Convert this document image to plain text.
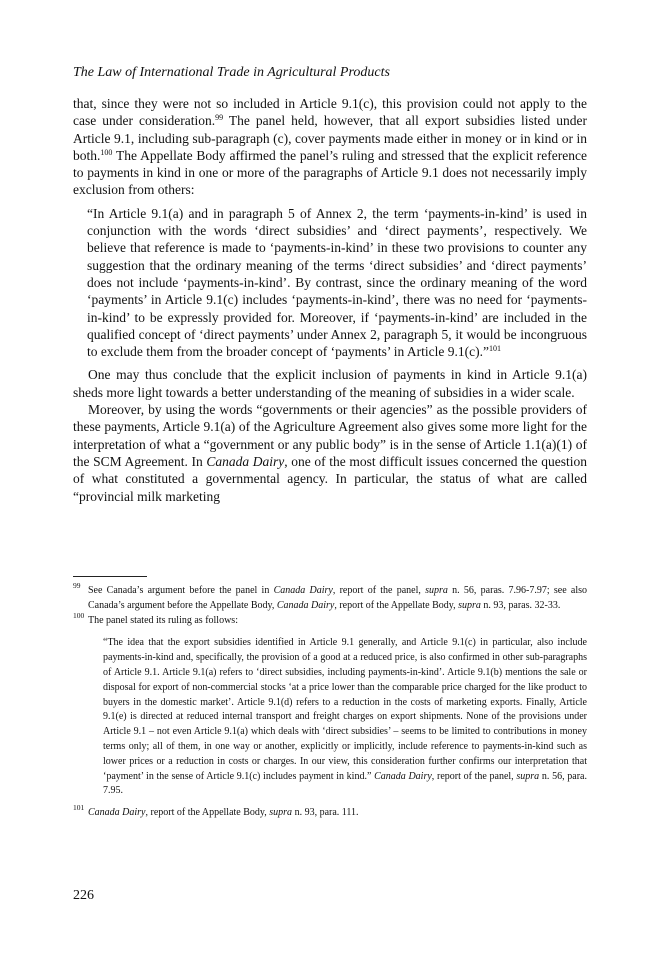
The Law of International Trade in Agricultural Products

that, since they were not so included in Article 9.1(c), this provision could not apply to the case under consideration.$^{99}$ The panel held, however, that all export subsidies listed under Article 9.1, including sub-paragraph (c), cover payments made either in money or in kind or in both.$^{100}$ The Appellate Body affirmed the panel’s ruling and stressed that the explicit reference to payments in kind in one or more of the paragraphs of Article 9.1 does not necessarily imply exclusion from others:

“In Article 9.1(a) and in paragraph 5 of Annex 2, the term ‘payments-in-kind’ is used in conjunction with the words ‘direct subsidies’ and ‘direct payments’, respectively. We believe that reference is made to ‘payments-in-kind’ in these two provisions to counter any suggestion that the ordinary meaning of the terms ‘direct subsidies’ and ‘direct payments’ does not include ‘payments-in-kind’. By contrast, since the ordinary meaning of the word ‘payments’ in Article 9.1(c) includes ‘payments-in-kind’, there was no need for ‘payments-in-kind’ to be expressly provided for. Moreover, if ‘payments-in-kind’ are included in the qualified concept of ‘direct payments’ under Annex 2, paragraph 5, it would be incongruous to exclude them from the broader concept of ‘payments’ in Article 9.1(c).”$^{101}$

One may thus conclude that the explicit inclusion of payments in kind in Article 9.1(a) sheds more light towards a better understanding of the meaning of subsidies in a wider scale.

Moreover, by using the words “governments or their agencies” as the possible providers of these payments, Article 9.1(a) of the Agriculture Agreement also gives some more light for the interpretation of what a “government or any public body” is in the sense of Article 1.1(a)(1) of the SCM Agreement. In Canada Dairy, one of the most difficult issues concerned the question of what constituted a governmental agency. In particular, the status of what are called “provincial milk marketing

99 See Canada’s argument before the panel in Canada Dairy, report of the panel, supra n. 56, paras. 7.96-7.97; see also Canada’s argument before the Appellate Body, Canada Dairy, report of the Appellate Body, supra n. 93, paras. 32-33.
100 The panel stated its ruling as follows:
“The idea that the export subsidies identified in Article 9.1 generally, and Article 9.1(c) in particular, also include payments-in-kind and, specifically, the provision of a good at a reduced price, is also confirmed in other sub-paragraphs of Article 9.1. Article 9.1(a) refers to ‘direct subsidies, including payments-in-kind’. Article 9.1(b) mentions the sale or disposal for export of non-commercial stocks ‘at a price lower than the comparable price charged for the like product to buyers in the domestic market’. Article 9.1(d) refers to a reduction in the costs of marketing exports. Finally, Article 9.1(e) is directed at reduced internal transport and freight charges on export shipments. None of the provisions under Article 9.1 – not even Article 9.1(a) which deals with ‘direct subsidies’ – seems to be limited to contributions in money terms only; all of them, in one way or another, explicitly or implicitly, include reference to payments-in-kind such as lower prices or a reduction in costs or charges. In our view, this consideration further confirms our interpretation that ‘payment’ in the sense of Article 9.1(c) includes payment in kind.” Canada Dairy, report of the panel, supra n. 56, para. 7.95.
101 Canada Dairy, report of the Appellate Body, supra n. 93, para. 111.
226
